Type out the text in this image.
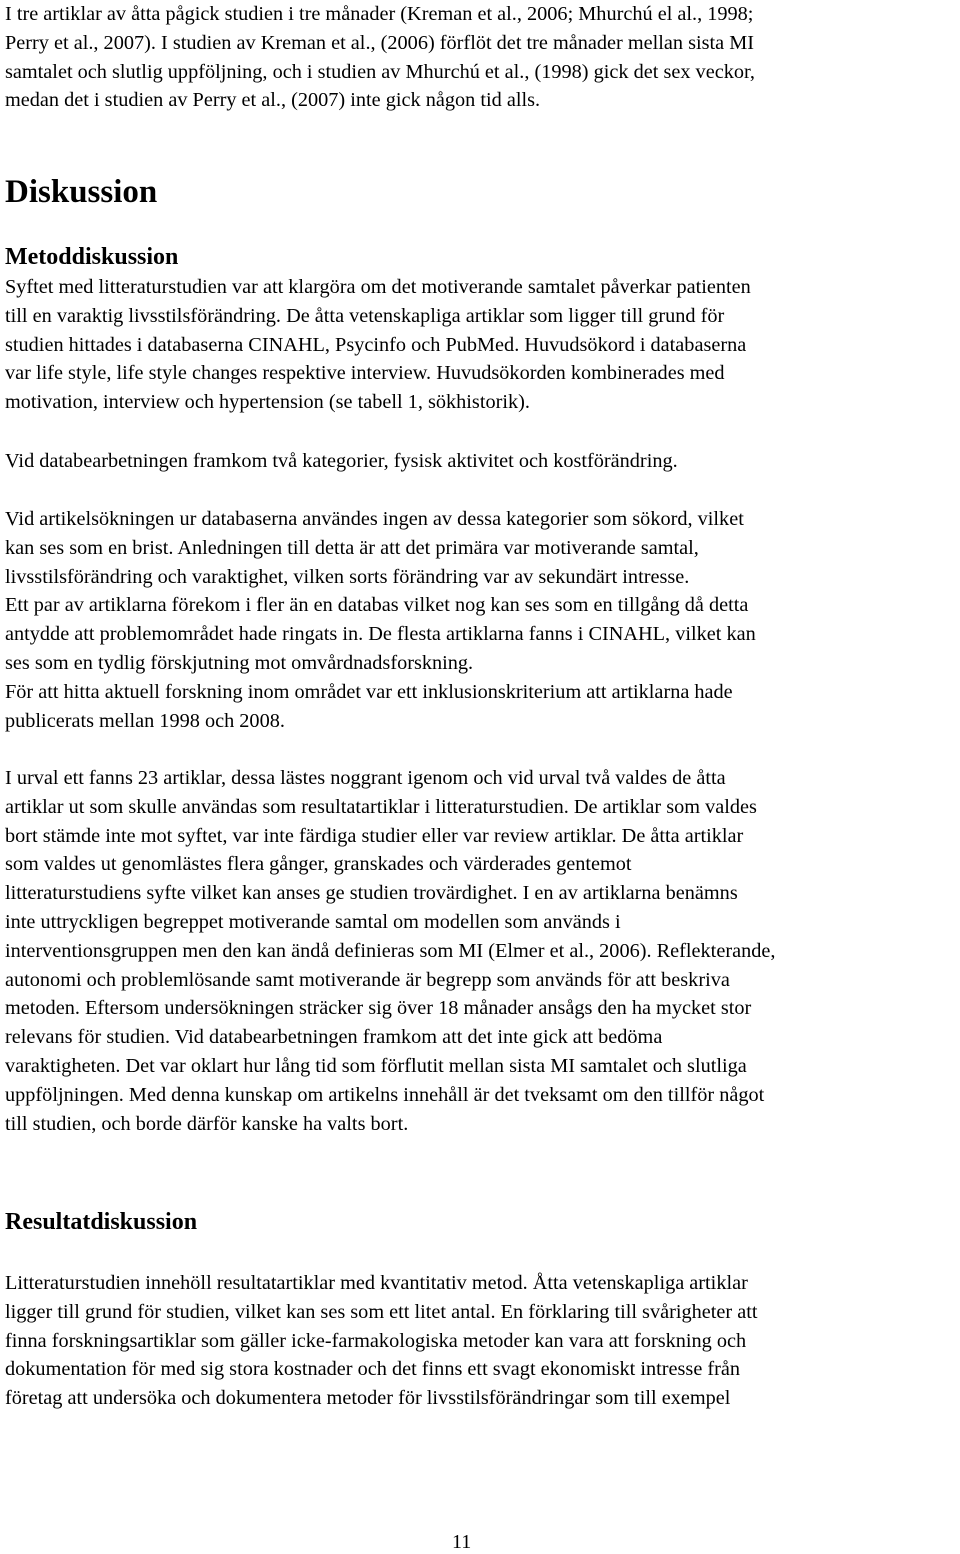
I tre artiklar av åtta pågick studien i tre månader (Kreman et al., 2006; Mhurchú el al., 1998;
Perry et al., 2007). I studien av Kreman et al., (2006) förflöt det tre månader mellan sista MI
samtalet och slutlig uppföljning, och i studien av Mhurchú et al., (1998) gick det sex veckor,
medan det i studien av Perry et al., (2007) inte gick någon tid alls.

Diskussion
Metoddiskussion

Syftet med litteraturstudien var att klargöra om det motiverande samtalet påverkar patienten
till en varaktig livsstilsförändring. De åtta vetenskapliga artiklar som ligger till grund för
studien hittades i databaserna CINAHL, Psycinfo och PubMed. Huvudsökord i databaserna
var life style, life style changes respektive interview. Huvudsökorden kombinerades med
motivation, interview och hypertension (se tabell 1, sökhistorik).

Vid databearbetningen framkom två kategorier, fysisk aktivitet och kostförändring.

Vid artikelsökningen ur databaserna användes ingen av dessa kategorier som sökord, vilket
kan ses som en brist. Anledningen till detta är att det primära var motiverande samtal,
livsstilsförändring och varaktighet, vilken sorts förändring var av sekundärt intresse.
Ett par av artiklarna förekom i fler än en databas vilket nog kan ses som en tillgång då detta
antydde att problemområdet hade ringats in. De flesta artiklarna fanns i CINAHL, vilket kan
ses som en tydlig förskjutning mot omvårdnadsforskning.
För att hitta aktuell forskning inom området var ett inklusionskriterium att artiklarna hade
publicerats mellan 1998 och 2008.

I urval ett fanns 23 artiklar, dessa lästes noggrant igenom och vid urval två valdes de åtta
artiklar ut som skulle användas som resultatartiklar i litteraturstudien. De artiklar som valdes
bort stämde inte mot syftet, var inte färdiga studier eller var review artiklar. De åtta artiklar
som valdes ut genomlästes flera gånger, granskades och värderades gentemot
litteraturstudiens syfte vilket kan anses ge studien trovärdighet. I en av artiklarna benämns
inte uttryckligen begreppet motiverande samtal om modellen som används i
interventionsgruppen men den kan ändå definieras som MI (Elmer et al., 2006). Reflekterande,
autonomi och problemlösande samt motiverande är begrepp som används för att beskriva
metoden. Eftersom undersökningen sträcker sig över 18 månader ansågs den ha mycket stor
relevans för studien. Vid databearbetningen framkom att det inte gick att bedöma
varaktigheten. Det var oklart hur lång tid som förflutit mellan sista MI samtalet och slutliga
uppföljningen. Med denna kunskap om artikelns innehåll är det tveksamt om den tillför något
till studien, och borde därför kanske ha valts bort.

Resultatdiskussion

Litteraturstudien innehöll resultatartiklar med kvantitativ metod. Åtta vetenskapliga artiklar
ligger till grund för studien, vilket kan ses som ett litet antal. En förklaring till svårigheter att
finna forskningsartiklar som gäller icke-farmakologiska metoder kan vara att forskning och
dokumentation för med sig stora kostnader och det finns ett svagt ekonomiskt intresse från
företag att undersöka och dokumentera metoder för livsstilsförändringar som till exempel

11
